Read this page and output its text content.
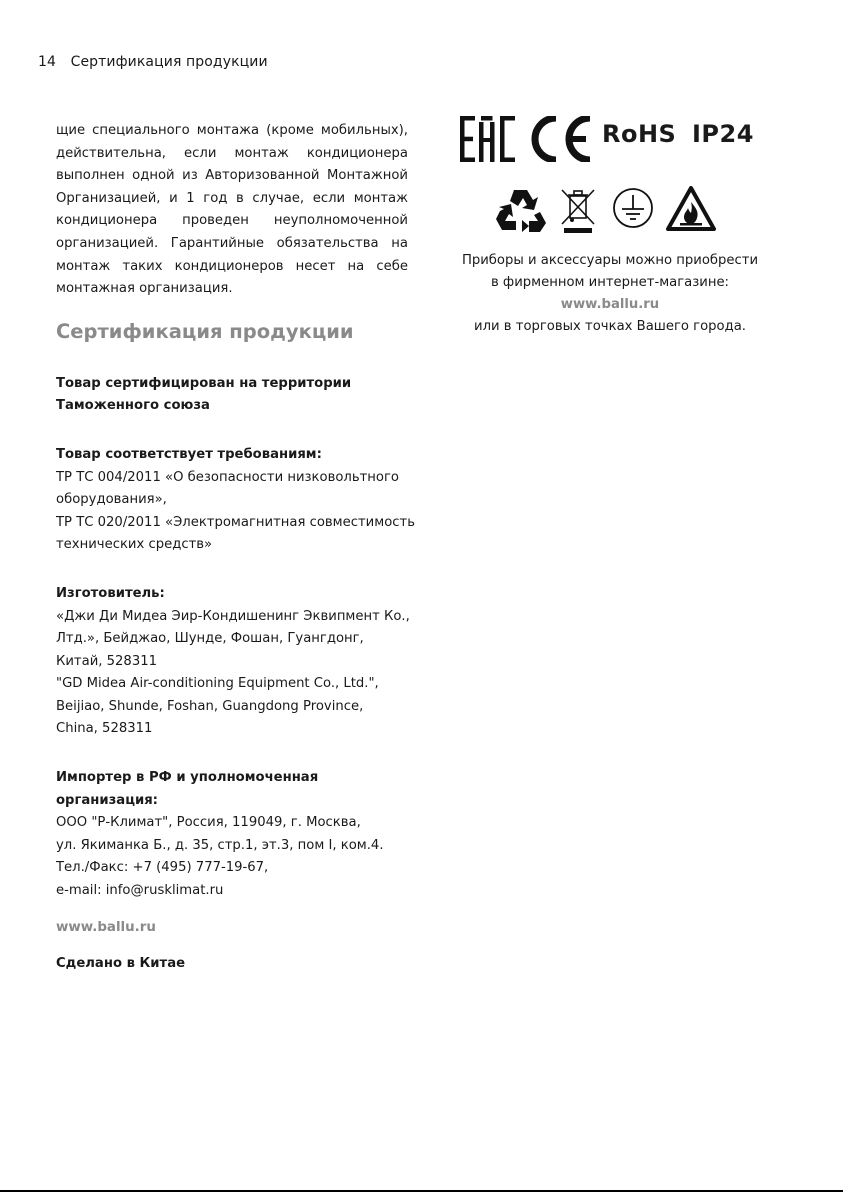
14 Сертификация продукции

щие специального монтажа (кроме мобильных), действительна, если монтаж кондиционера выполнен одной из Авторизованной Монтажной Организацией, и 1 год в случае, если монтаж кондиционера проведен неуполномоченной организацией. Гарантийные обязательства на монтаж таких кондиционеров несет на себе монтажная организация.

Сертификация продукции
Товар сертифицирован на территории
Таможенного союза
Товар соответствует требованиям:
ТР ТС 004/2011 «О безопасности низковольтного
оборудования»,
ТР ТС 020/2011 «Электромагнитная совместимость
технических средств»
Изготовитель:
«Джи Ди Мидеа Эир-Кондишенинг Эквипмент Ко.,
Лтд.», Бейджао, Шунде, Фошан, Гуангдонг,
Китай, 528311
"GD Midea Air-conditioning Equipment Co., Ltd.",
Beijiao, Shunde, Foshan, Guangdong Province,
China, 528311
Импортер в РФ и уполномоченная
организация:
ООО "Р-Климат", Россия, 119049, г. Москва,
ул. Якиманка Б., д. 35, стр.1, эт.3, пом I, ком.4.
Тел./Факс: +7 (495) 777-19-67,
e-mail: info@rusklimat.ru
www.ballu.ru
Сделано в Китае
RoHS IP24
Приборы и аксессуары можно приобрести
в фирменном интернет-магазине:
www.ballu.ru
или в торговых точках Вашего города.
